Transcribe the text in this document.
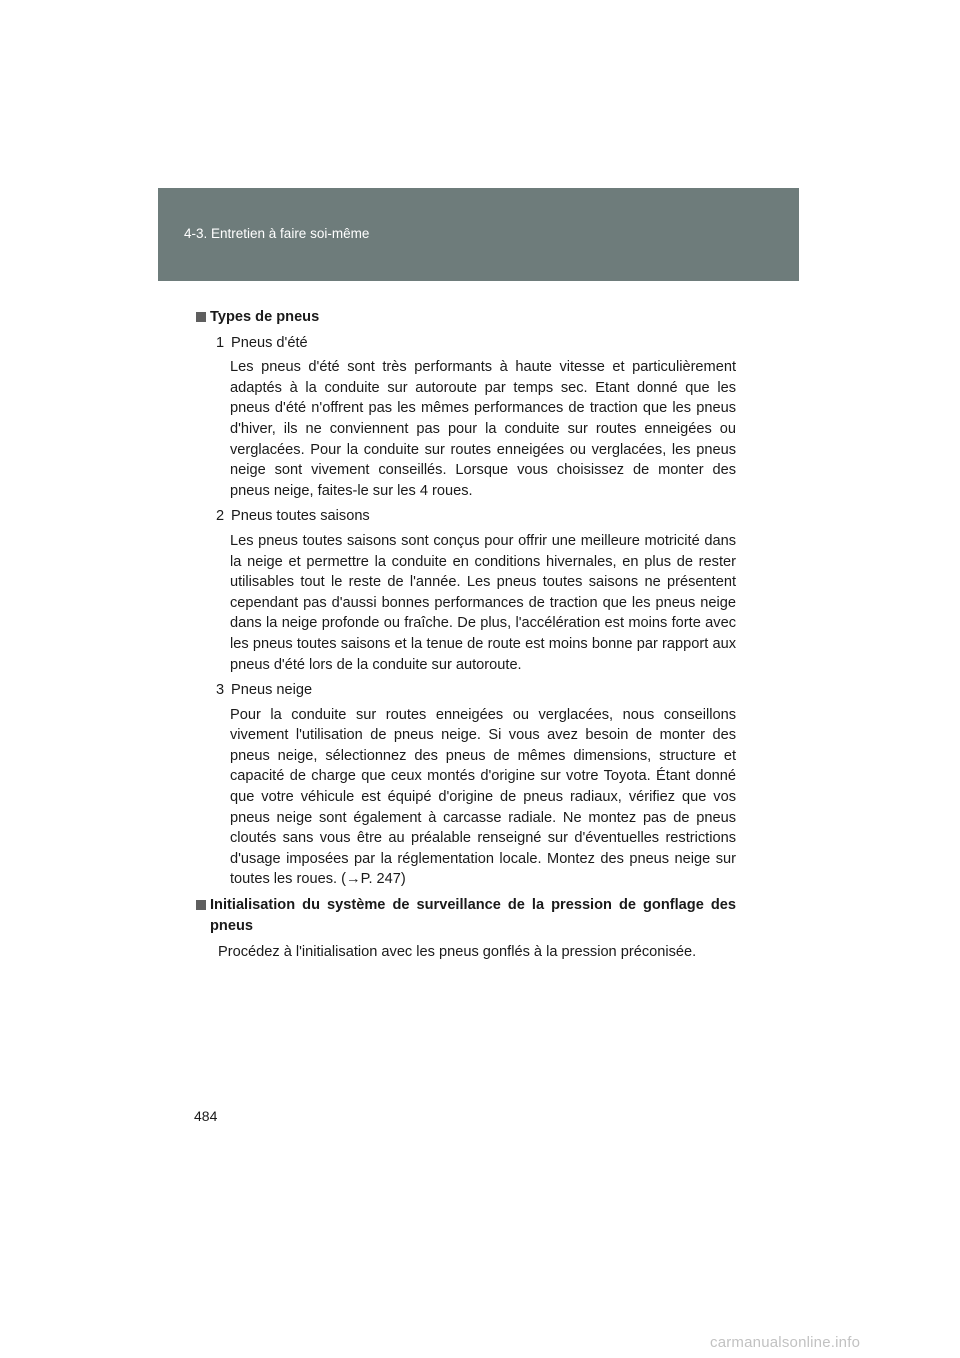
4-3. Entretien à faire soi-même
Types de pneus
1 Pneus d'été
Les pneus d'été sont très performants à haute vitesse et particulièrement adaptés à la conduite sur autoroute par temps sec. Etant donné que les pneus d'été n'offrent pas les mêmes performances de traction que les pneus d'hiver, ils ne conviennent pas pour la conduite sur routes enneigées ou verglacées. Pour la conduite sur routes enneigées ou verglacées, les pneus neige sont vivement conseillés. Lorsque vous choisissez de monter des pneus neige, faites-le sur les 4 roues.
2 Pneus toutes saisons
Les pneus toutes saisons sont conçus pour offrir une meilleure motricité dans la neige et permettre la conduite en conditions hivernales, en plus de rester utilisables tout le reste de l'année. Les pneus toutes saisons ne présentent cependant pas d'aussi bonnes performances de traction que les pneus neige dans la neige profonde ou fraîche. De plus, l'accélération est moins forte avec les pneus toutes saisons et la tenue de route est moins bonne par rapport aux pneus d'été lors de la conduite sur autoroute.
3 Pneus neige
Pour la conduite sur routes enneigées ou verglacées, nous conseillons vivement l'utilisation de pneus neige. Si vous avez besoin de monter des pneus neige, sélectionnez des pneus de mêmes dimensions, structure et capacité de charge que ceux montés d'origine sur votre Toyota. Étant donné que votre véhicule est équipé d'origine de pneus radiaux, vérifiez que vos pneus neige sont également à carcasse radiale. Ne montez pas de pneus cloutés sans vous être au préalable renseigné sur d'éventuelles restrictions d'usage imposées par la réglementation locale. Montez des pneus neige sur toutes les roues. (→P. 247)
Initialisation du système de surveillance de la pression de gonflage des pneus
Procédez à l'initialisation avec les pneus gonflés à la pression préconisée.
484
carmanualsonline.info
